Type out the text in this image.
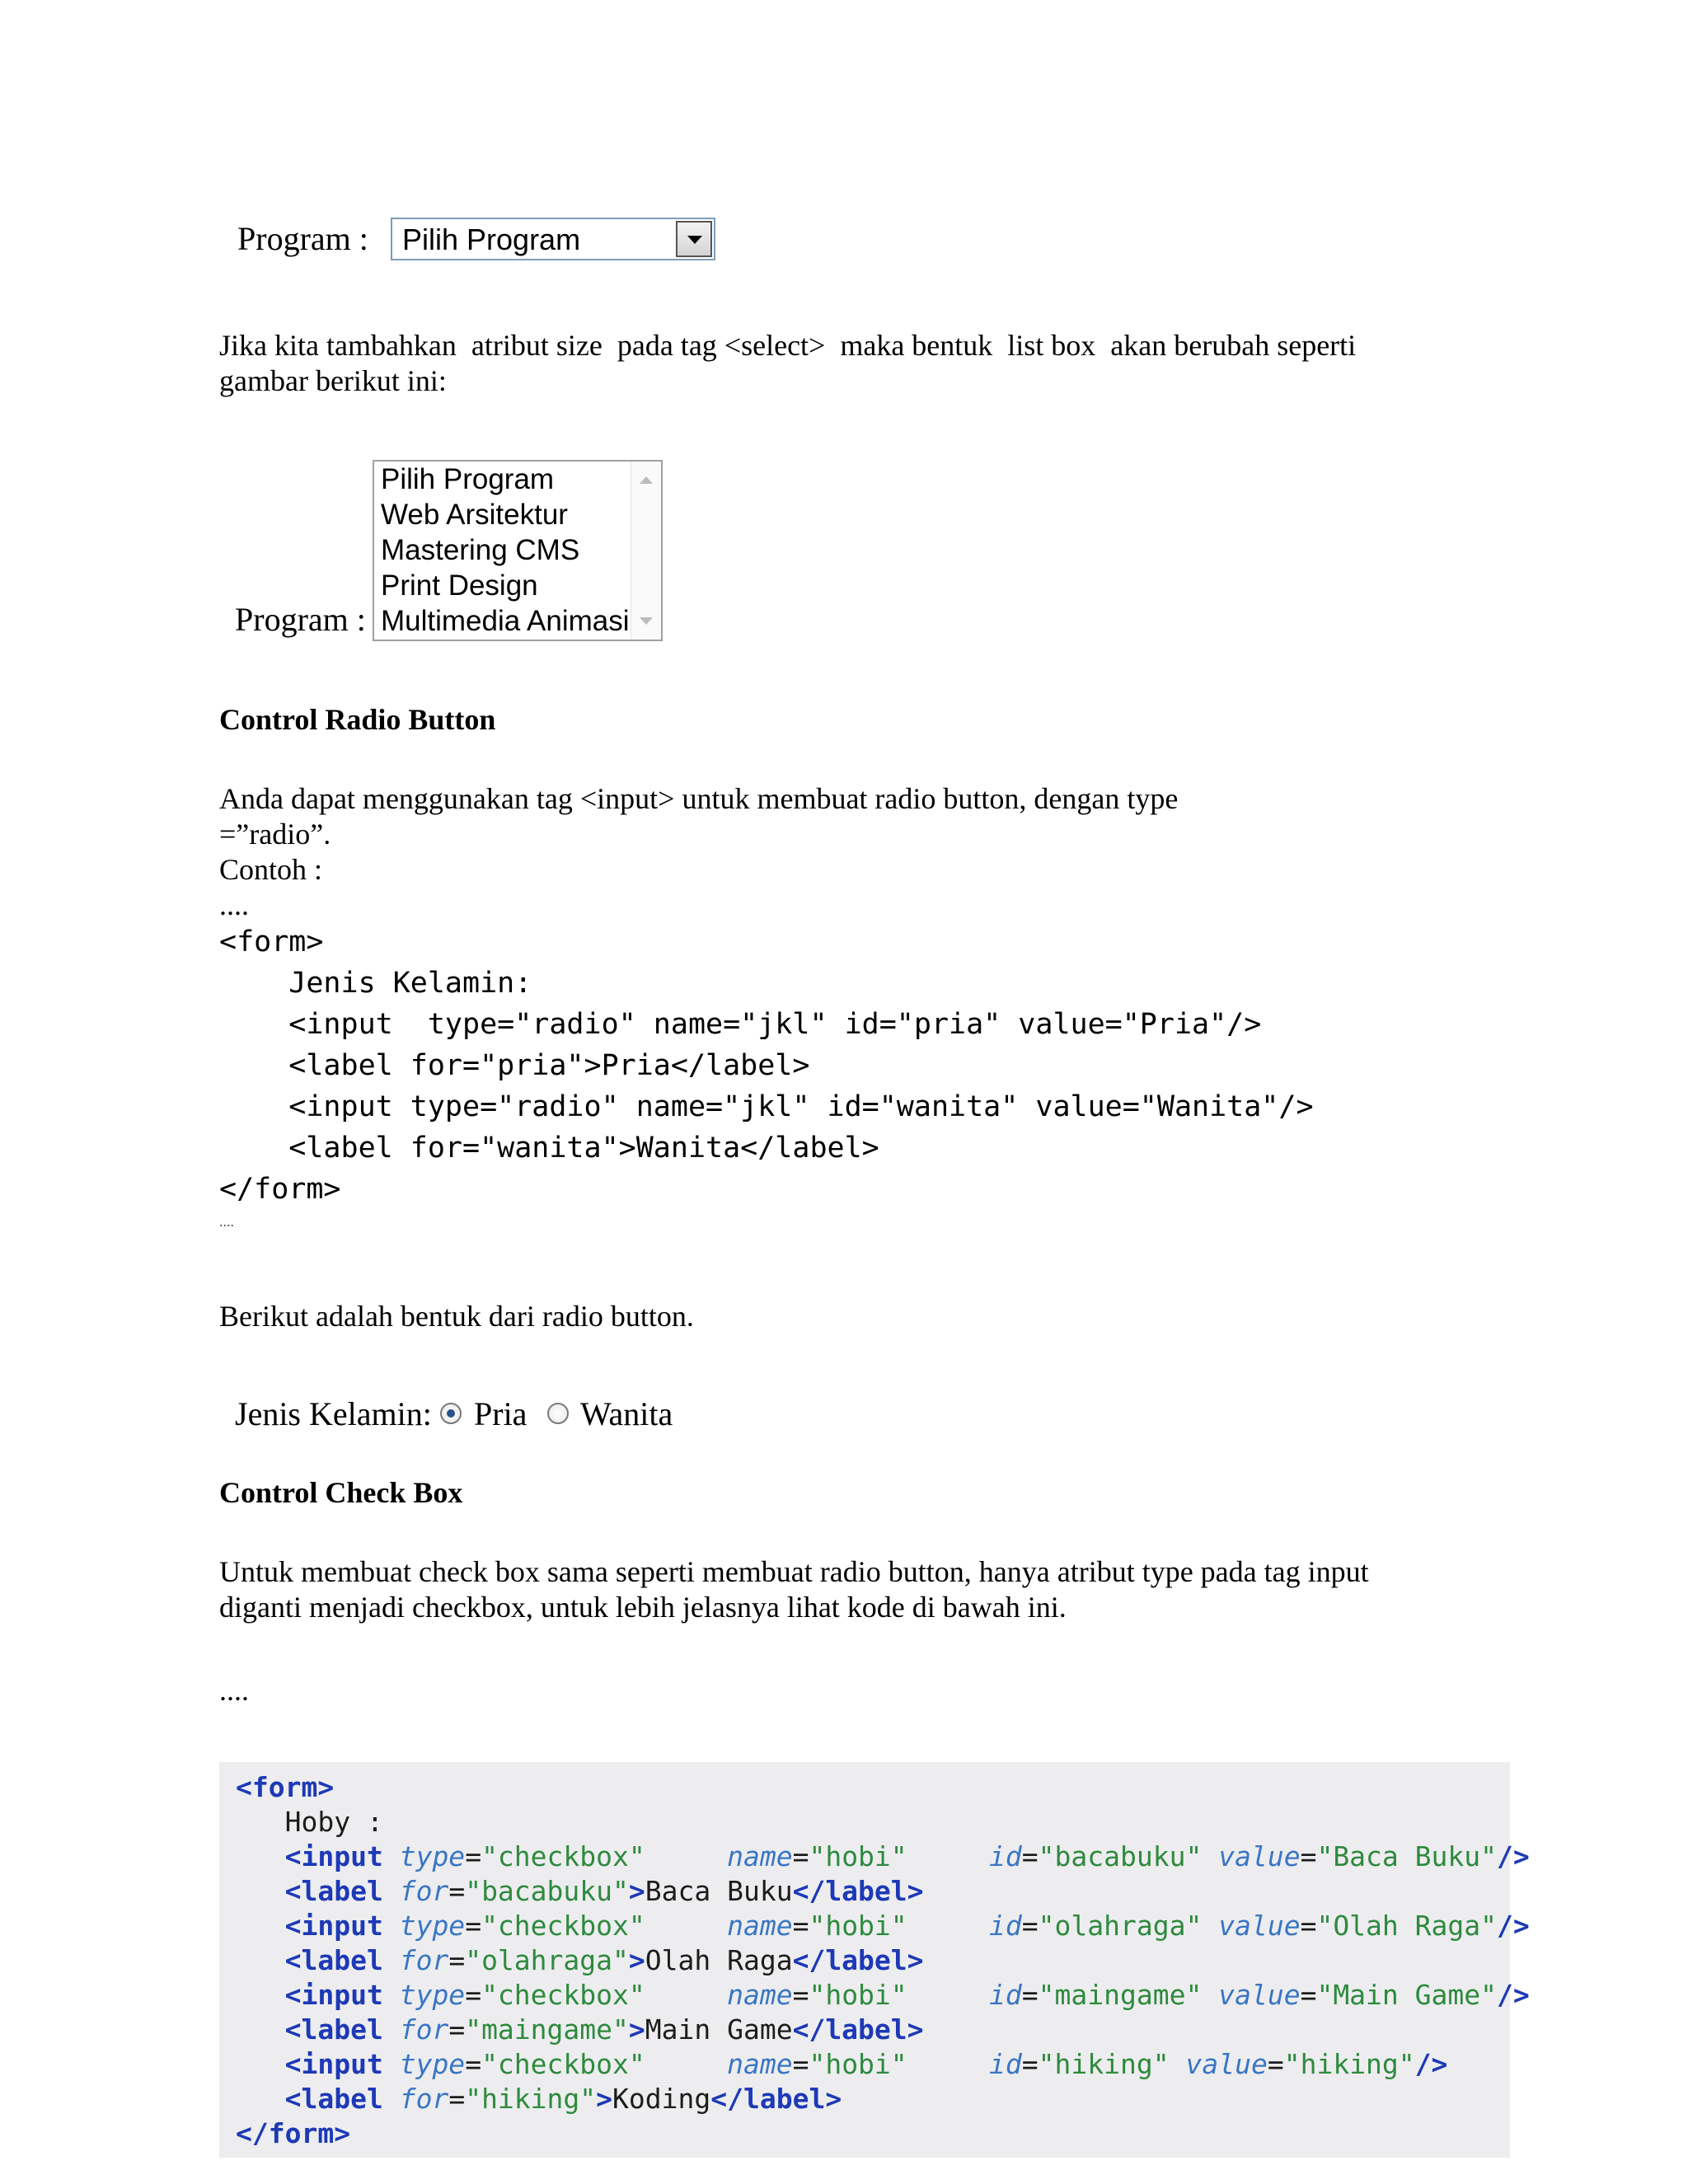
Program : Pilih Program
Jika kita tambahkan  atribut size  pada tag <select>  maka bentuk  list box  akan berubah seperti
gambar berikut ini:
Program :
Pilih Program
Web Arsitektur
Mastering CMS
Print Design
Multimedia Animasi
Control Radio Button
Anda dapat menggunakan tag <input> untuk membuat radio button, dengan type
=”radio”.
Contoh :
....
<form>
Jenis Kelamin:
<input  type="radio" name="jkl" id="pria" value="Pria"/>
<label for="pria">Pria</label>
<input type="radio" name="jkl" id="wanita" value="Wanita"/>
<label for="wanita">Wanita</label>
</form>
....
Berikut adalah bentuk dari radio button.
Jenis Kelamin: Pria Wanita
Control Check Box
Untuk membuat check box sama seperti membuat radio button, hanya atribut type pada tag input
diganti menjadi checkbox, untuk lebih jelasnya lihat kode di bawah ini.
....
<form>
Hoby :
<input type="checkbox"	name="hobi"	id="bacabuku" value="Baca Buku"/>
<label for="bacabuku">Baca Buku</label>
<input type="checkbox"	name="hobi"	id="olahraga" value="Olah Raga"/>
<label for="olahraga">Olah Raga</label>
<input type="checkbox"	name="hobi"	id="maingame" value="Main Game"/>
<label for="maingame">Main Game</label>
<input type="checkbox"	name="hobi"	id="hiking" value="hiking"/>
<label for="hiking">Koding</label>
</form>
